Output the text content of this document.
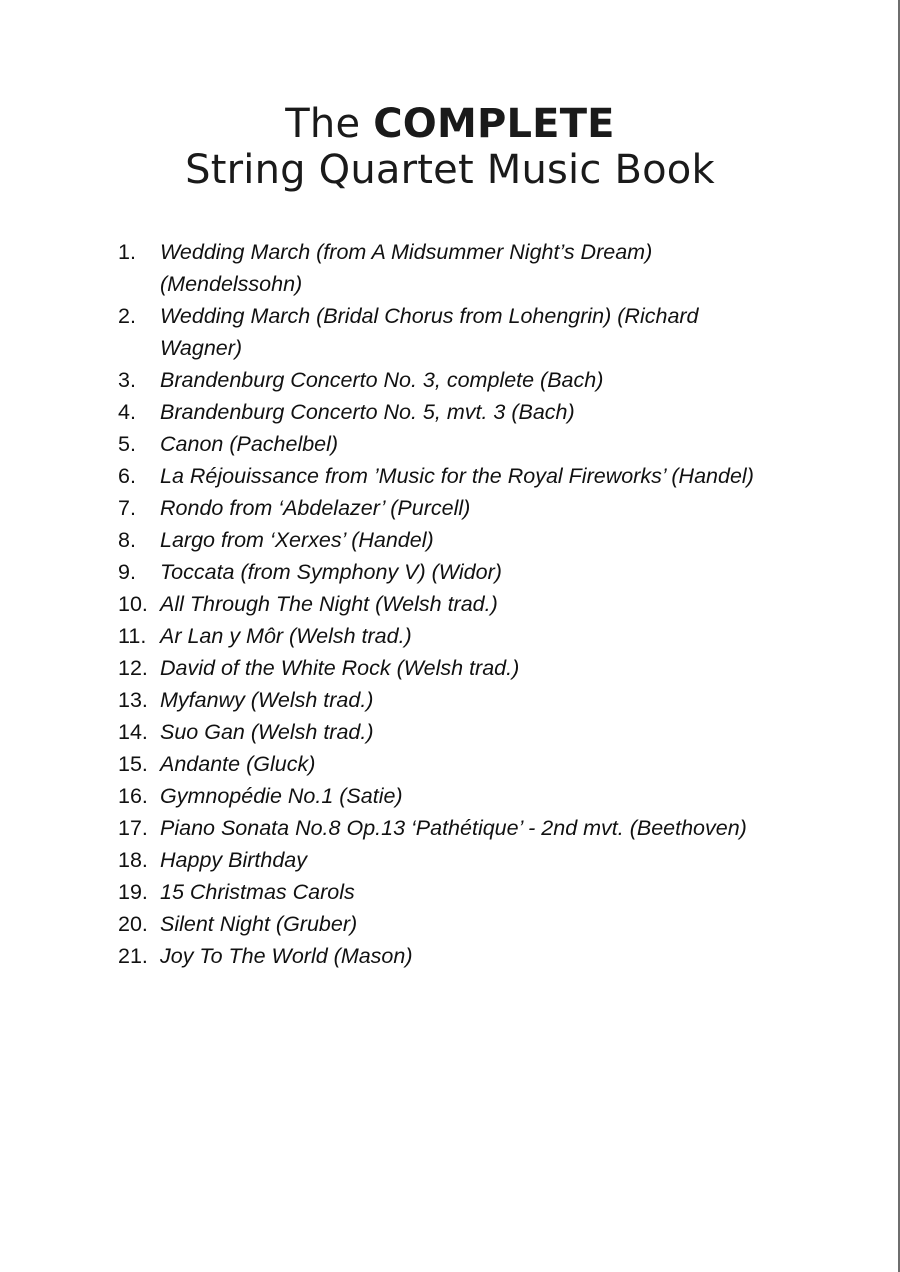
The COMPLETE
String Quartet Music Book
1. Wedding March (from A Midsummer Night’s Dream) (Mendelssohn)
2. Wedding March (Bridal Chorus from Lohengrin) (Richard Wagner)
3. Brandenburg Concerto No. 3, complete (Bach)
4. Brandenburg Concerto No. 5, mvt. 3 (Bach)
5. Canon (Pachelbel)
6. La Réjouissance from ’Music for the Royal Fireworks’ (Handel)
7. Rondo from ‘Abdelazer’ (Purcell)
8. Largo from ‘Xerxes’ (Handel)
9. Toccata (from Symphony V) (Widor)
10. All Through The Night (Welsh trad.)
11. Ar Lan y Môr (Welsh trad.)
12. David of the White Rock (Welsh trad.)
13. Myfanwy (Welsh trad.)
14. Suo Gan (Welsh trad.)
15. Andante (Gluck)
16. Gymnopédie No.1 (Satie)
17. Piano Sonata No.8 Op.13 ‘Pathétique’ - 2nd mvt. (Beethoven)
18. Happy Birthday
19. 15 Christmas Carols
20. Silent Night (Gruber)
21. Joy To The World (Mason)
